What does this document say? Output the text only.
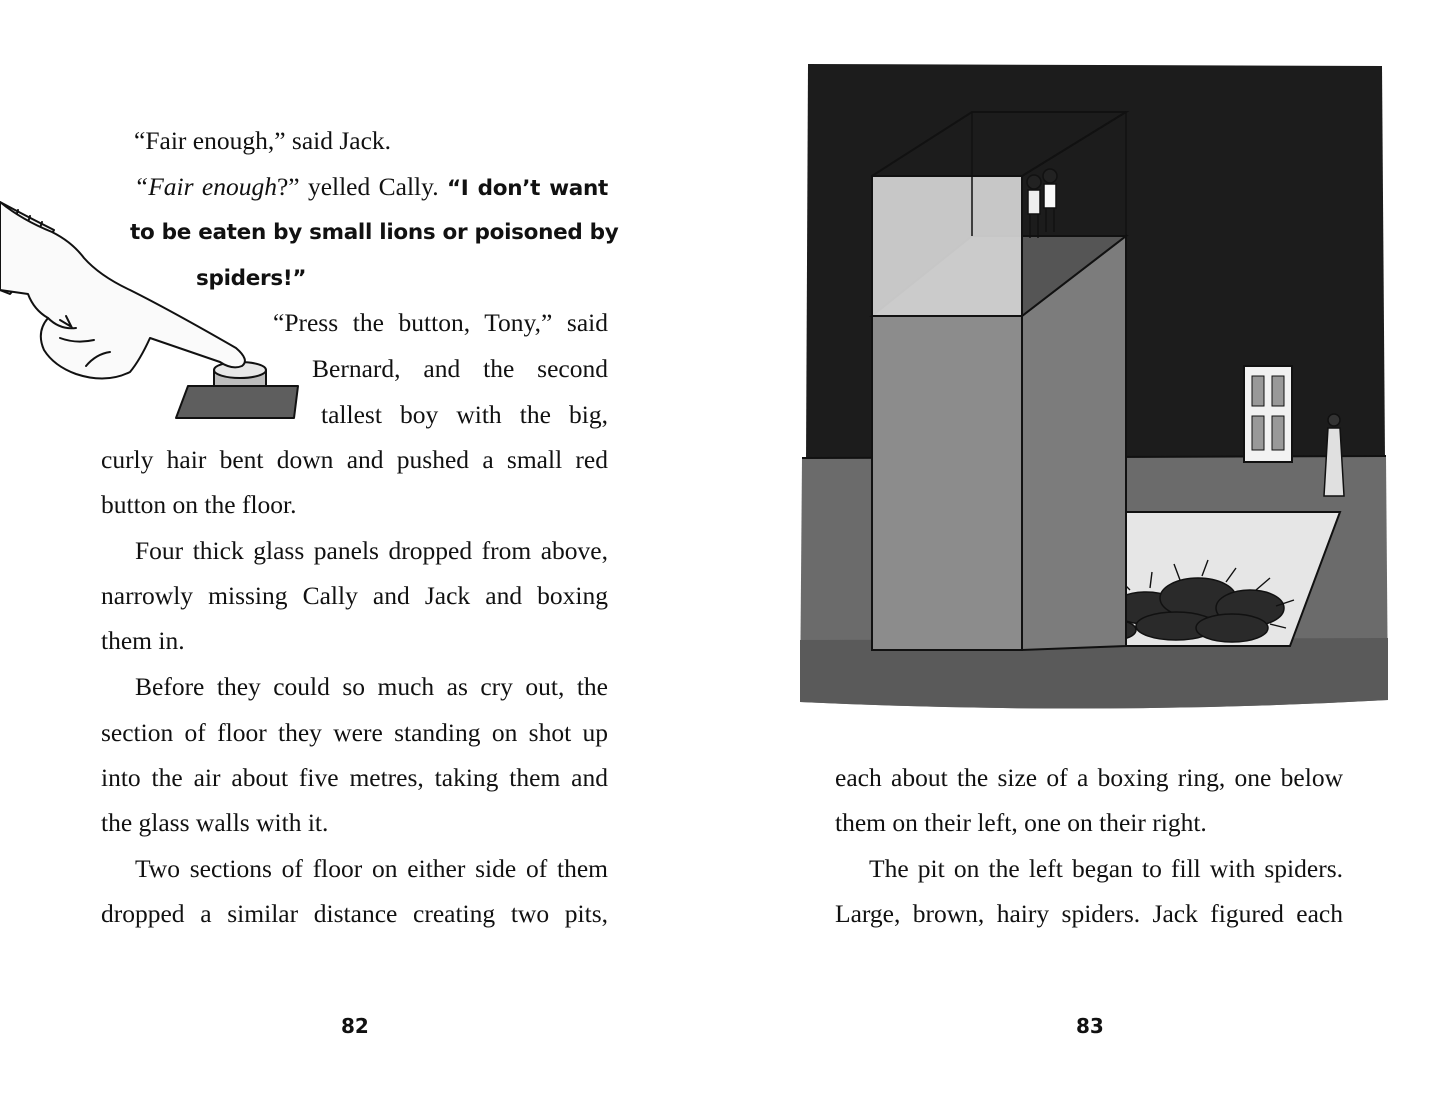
“Fair enough,” said Jack.
“Fair enough?” yelled Cally. “I don’t want
to be eaten by small lions or poisoned by
spiders!”
“Press the button, Tony,” said
Bernard, and the second
tallest boy with the big,
curly hair bent down and pushed a small red
button on the floor.
Four thick glass panels dropped from above,
narrowly missing Cally and Jack and boxing
them in.
Before they could so much as cry out, the
section of floor they were standing on shot up
into the air about five metres, taking them and
the glass walls with it.
Two sections of floor on either side of them
dropped a similar distance creating two pits,
82
each about the size of a boxing ring, one below
them on their left, one on their right.
The pit on the left began to fill with spiders.
Large, brown, hairy spiders. Jack figured each
83
